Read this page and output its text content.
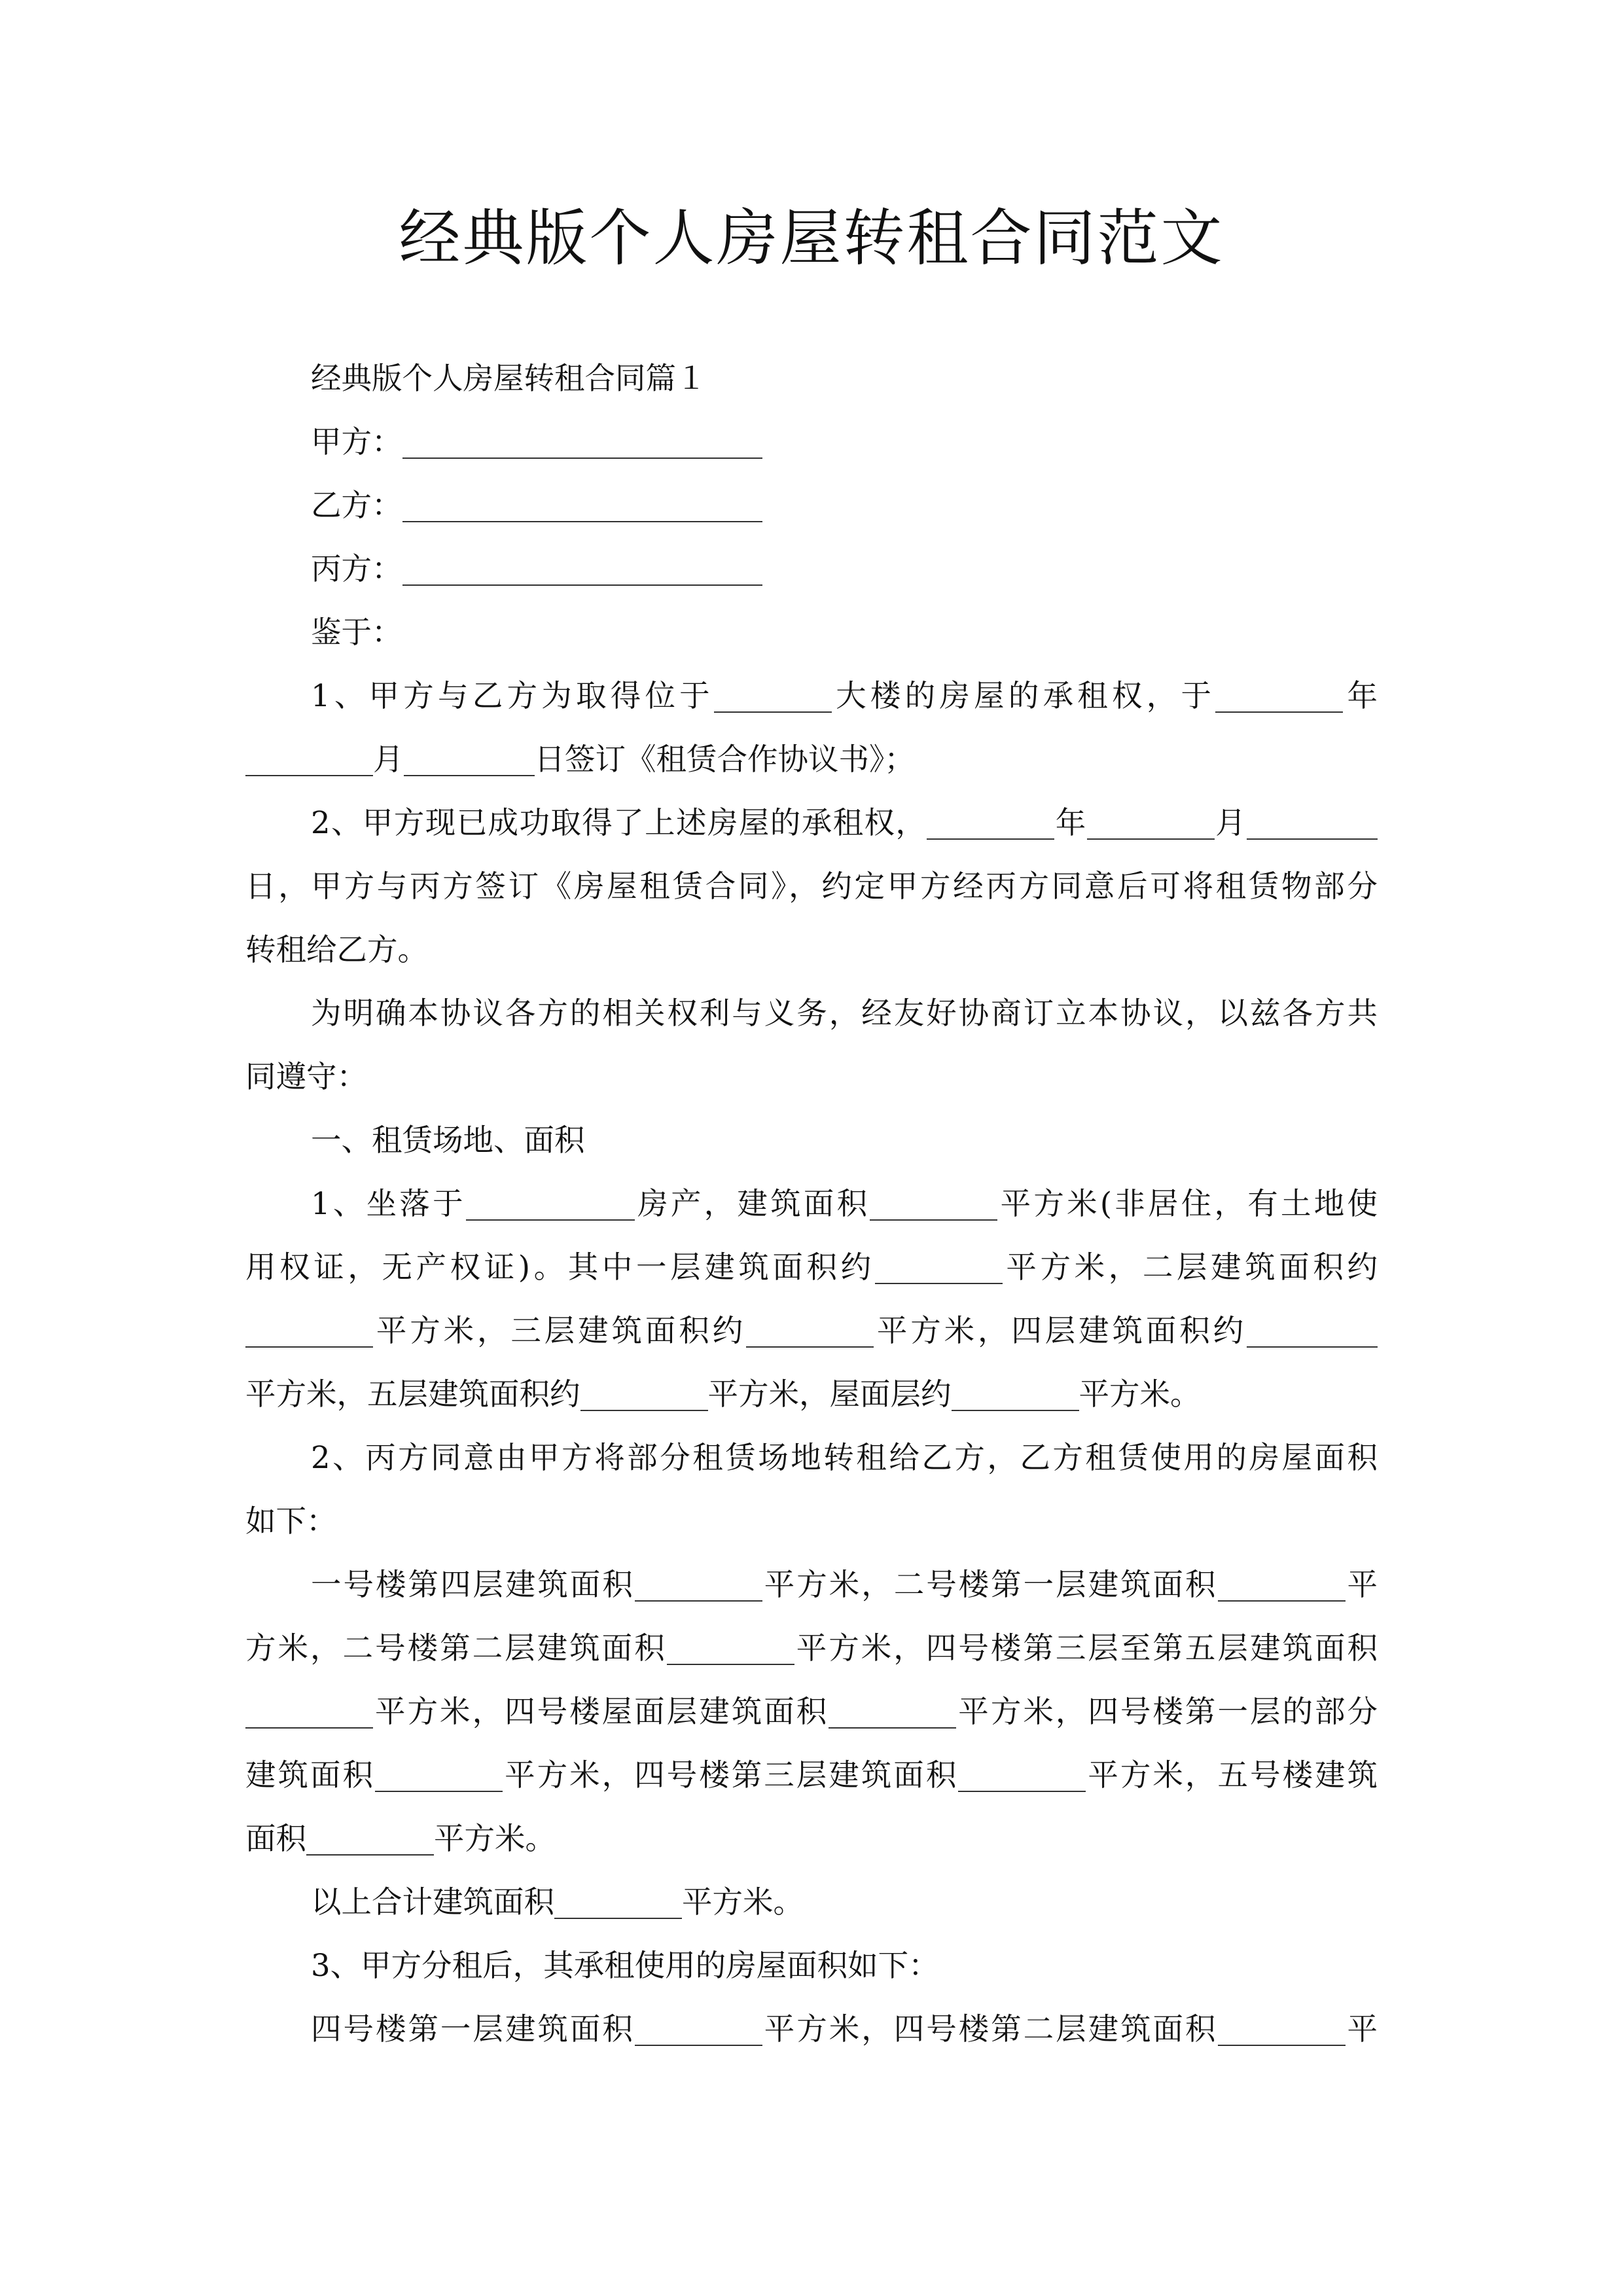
经典版个人房屋转租合同范文
经典版个人房屋转租合同篇１
甲方：
乙方：
丙方：
鉴于：
1、甲方与乙方为取得位于	大楼的房屋的承租权，于	年
月	日签订《租赁合作协议书》；
2、甲方现已成功取得了上述房屋的承租权，	年	月
日，甲方与丙方签订《房屋租赁合同》，约定甲方经丙方同意后可将租赁物部分
转租给乙方。
为明确本协议各方的相关权利与义务，经友好协商订立本协议，以兹各方共
同遵守：
一、租赁场地、面积
1、坐落于	房产，建筑面积	平方米(非居住，有土地使
用权证，无产权证)。其中一层建筑面积约	平方米，二层建筑面积约
平方米，三层建筑面积约	平方米，四层建筑面积约
平方米，五层建筑面积约	平方米，屋面层约	平方米。
2、丙方同意由甲方将部分租赁场地转租给乙方，乙方租赁使用的房屋面积
如下：
一号楼第四层建筑面积	平方米，二号楼第一层建筑面积	平
方米，二号楼第二层建筑面积	平方米，四号楼第三层至第五层建筑面积
平方米，四号楼屋面层建筑面积	平方米，四号楼第一层的部分
建筑面积	平方米，四号楼第三层建筑面积	平方米，五号楼建筑
面积	平方米。
以上合计建筑面积	平方米。
3、甲方分租后，其承租使用的房屋面积如下：
四号楼第一层建筑面积	平方米，四号楼第二层建筑面积	平
